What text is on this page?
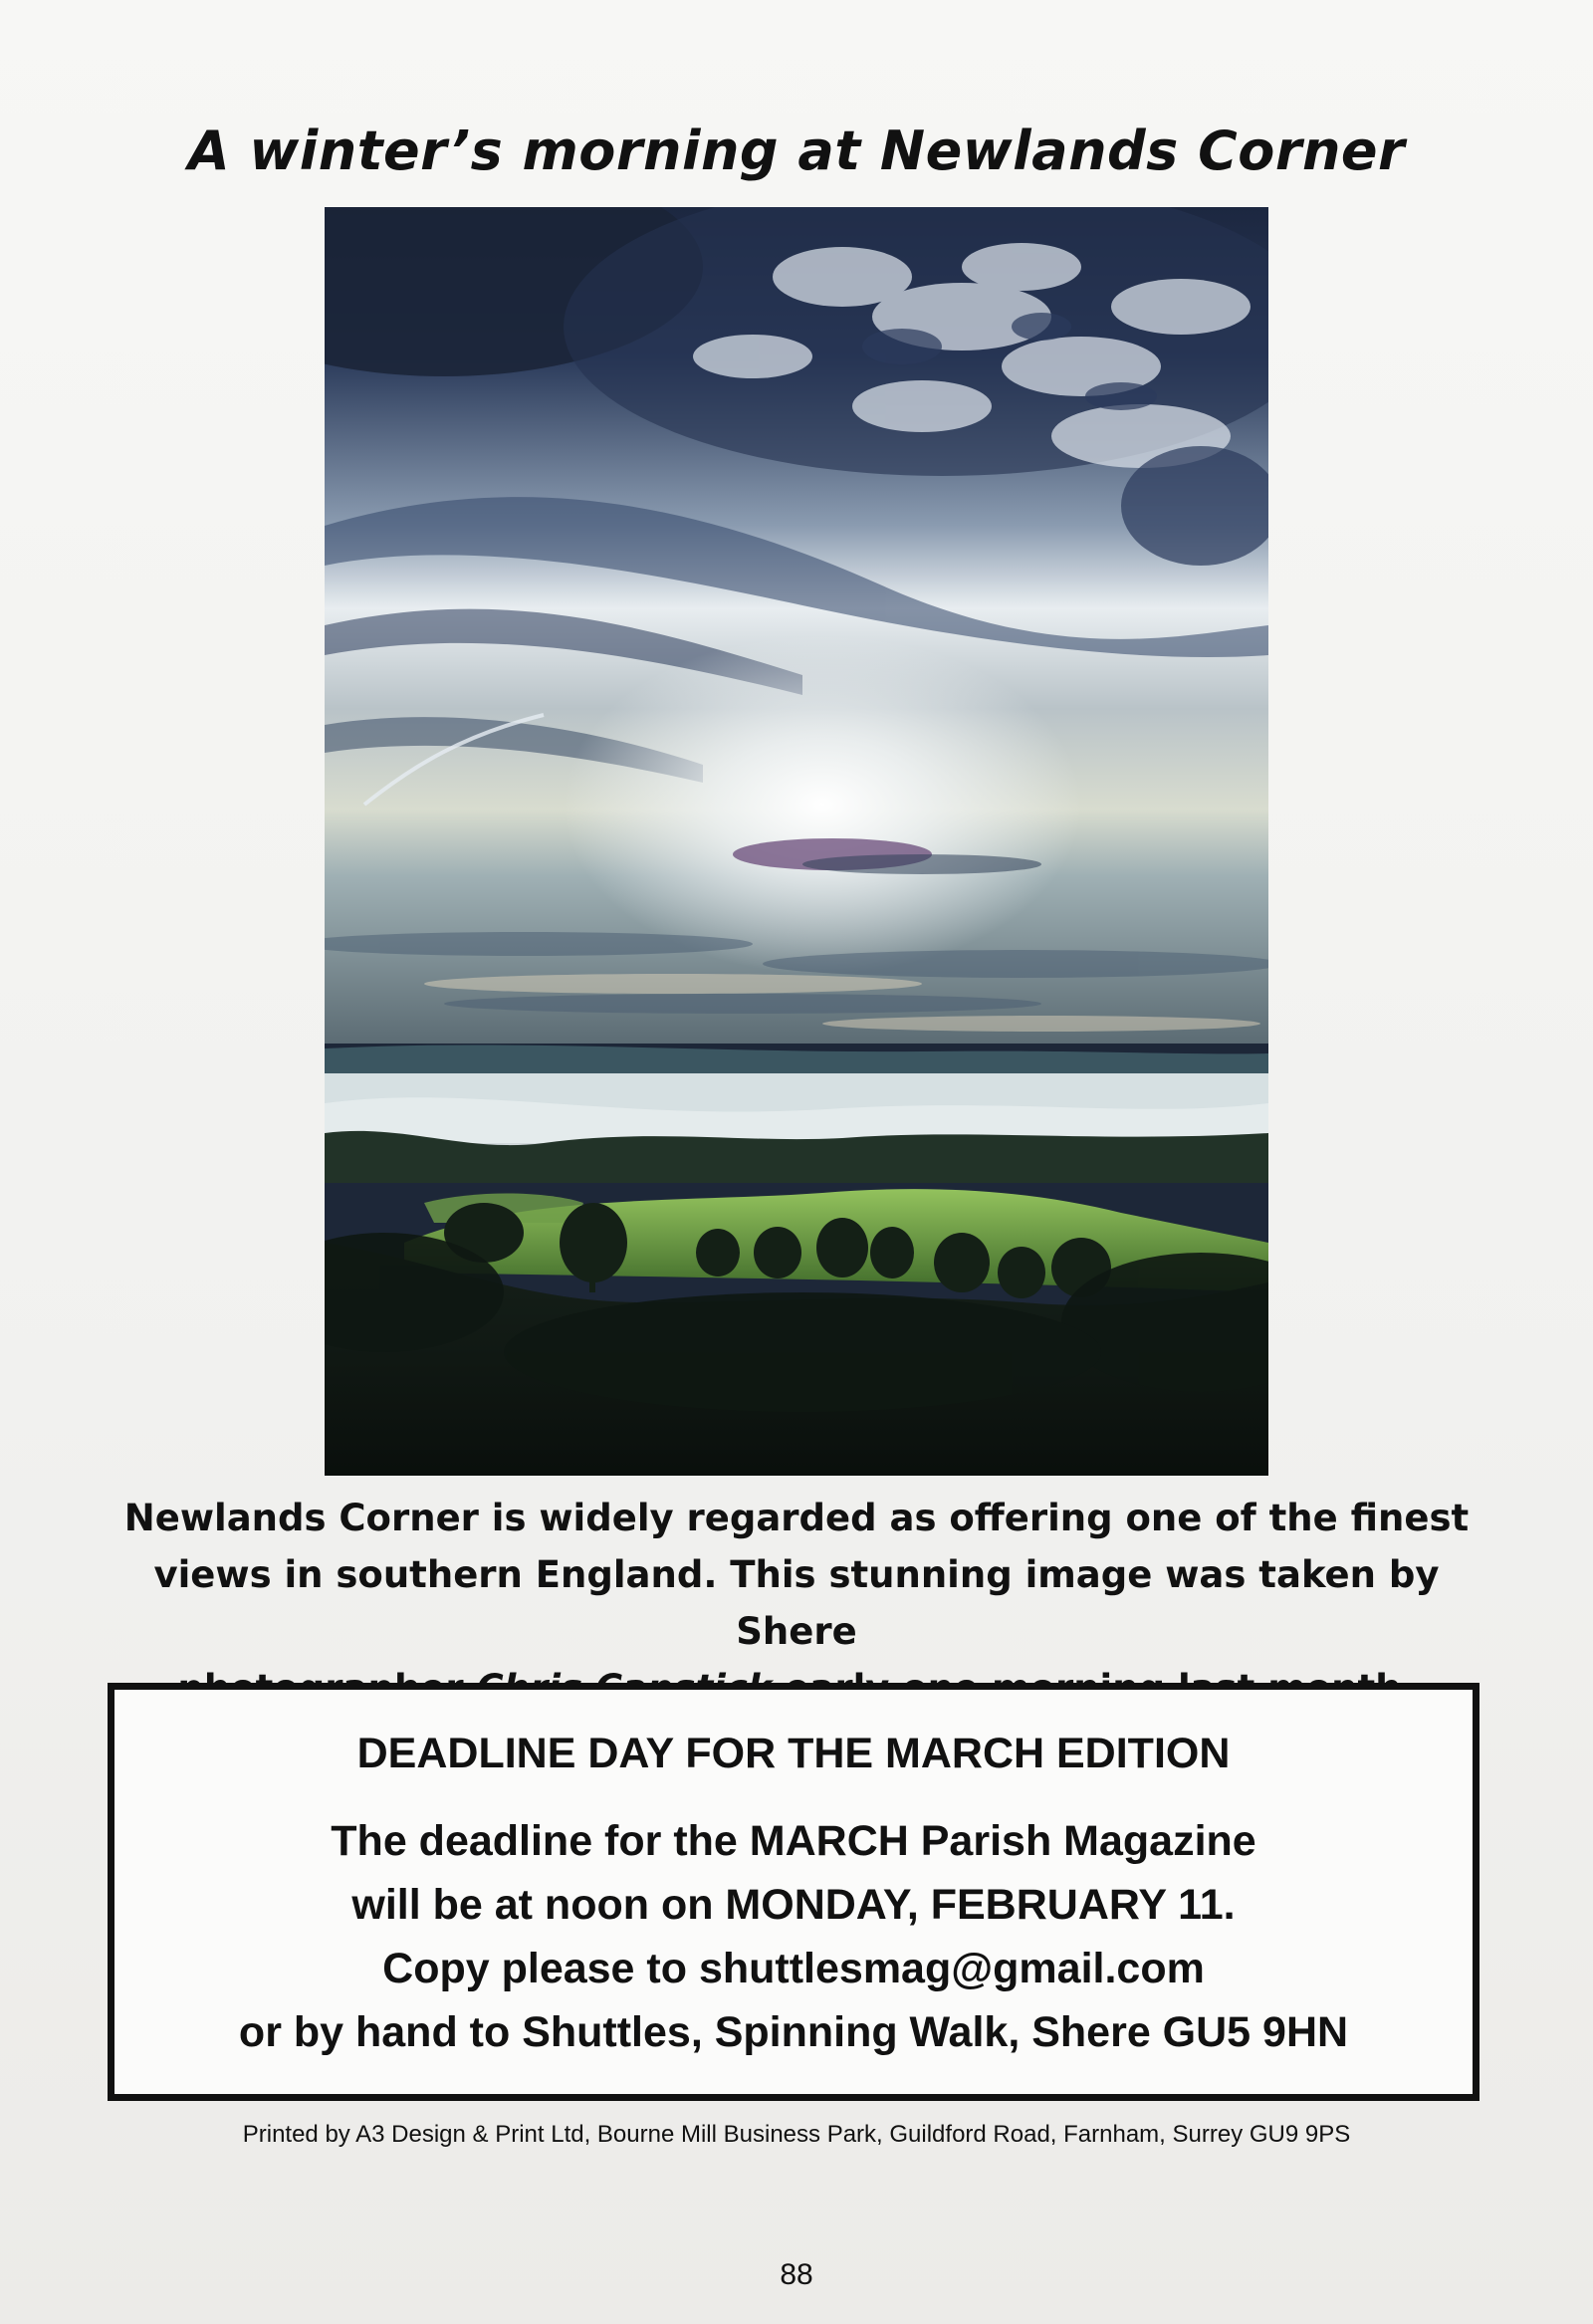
A winter’s morning at Newlands Corner
Newlands Corner is widely regarded as offering one of the finest
views in southern England. This stunning image was taken by Shere
DEADLINE DAY FOR THE MARCH EDITION
The deadline for the MARCH Parish Magazine
will be at noon on MONDAY, FEBRUARY 11.
Copy please to shuttlesmag@gmail.com
or by hand to Shuttles, Spinning Walk, Shere GU5 9HN
Printed by A3 Design & Print Ltd, Bourne Mill Business Park, Guildford Road, Farnham, Surrey GU9 9PS
88
